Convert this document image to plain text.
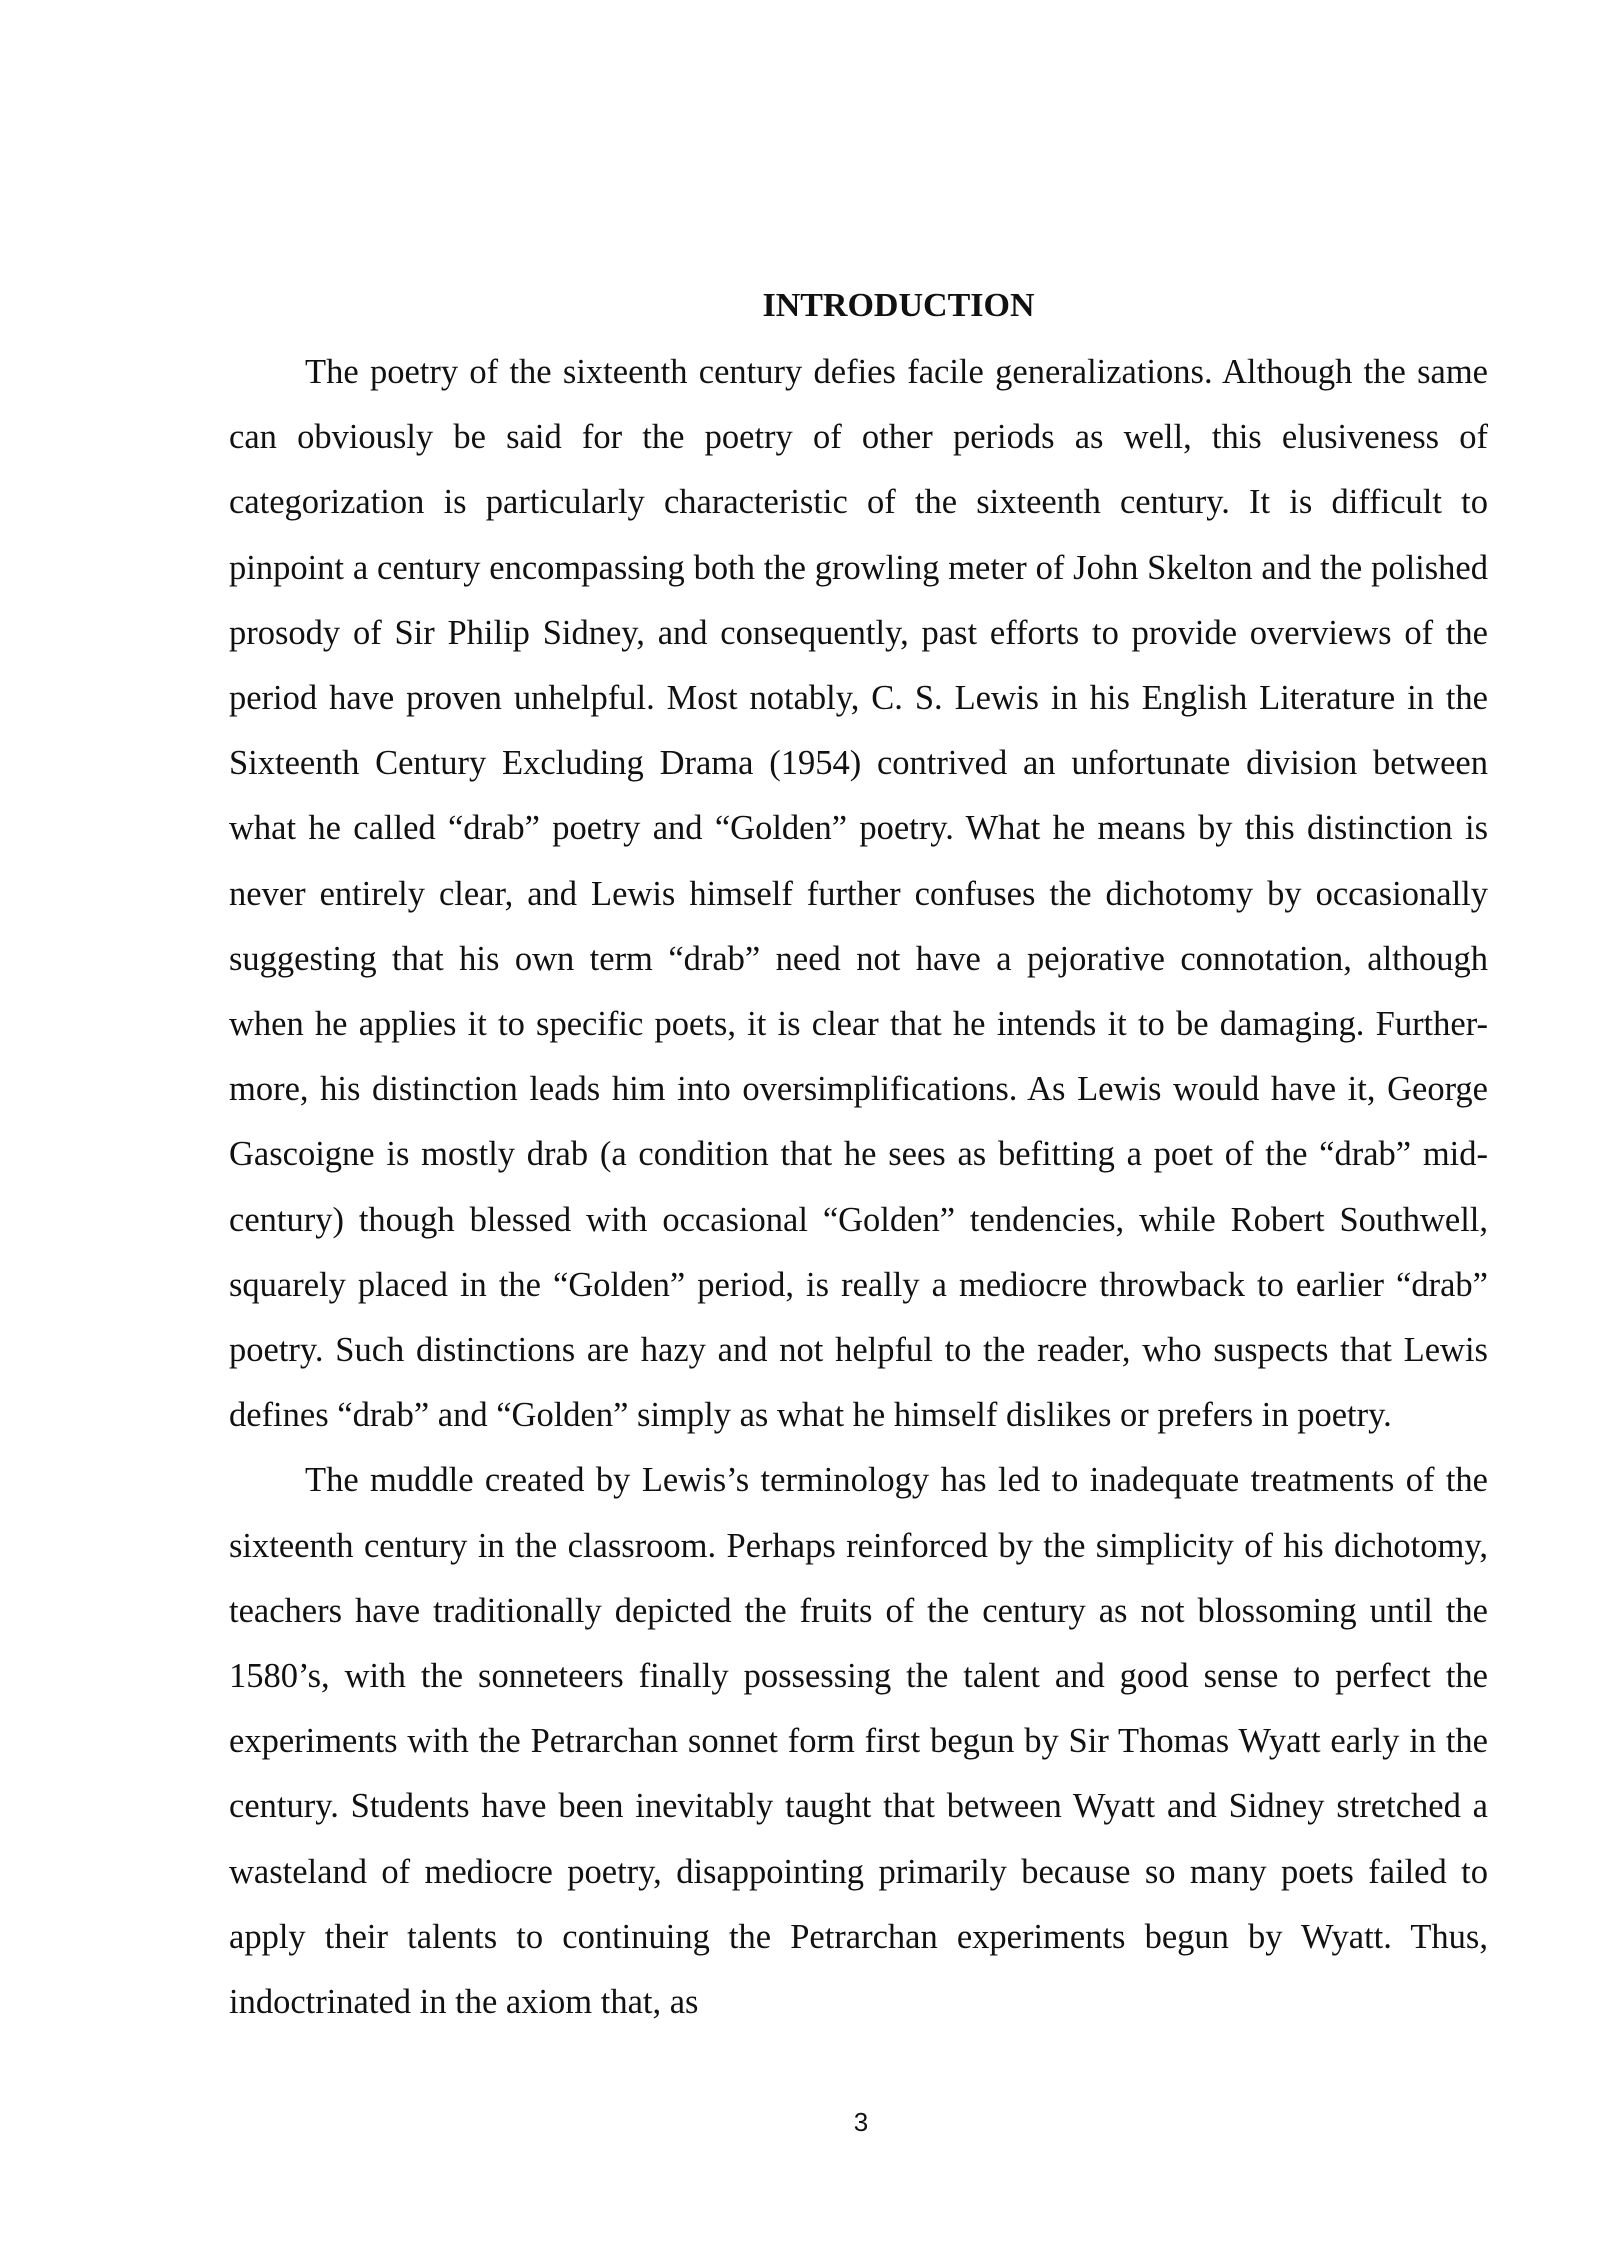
INTRODUCTION

The poetry of the sixteenth century defies facile generalizations. Although the same can obviously be said for the poetry of other periods as well, this elusiveness of categorization is particularly characteristic of the sixteenth century. It is difficult to pinpoint a century encompassing both the growling meter of John Skelton and the polished prosody of Sir Philip Sidney, and consequently, past efforts to provide overviews of the period have proven unhelpful. Most notably, C. S. Lewis in his English Literature in the Sixteenth Century Excluding Drama (1954) contrived an unfortunate division between what he called “drab” poetry and “Golden” poetry. What he means by this distinction is never entirely clear, and Lewis himself further confuses the dichotomy by occasionally suggesting that his own term “drab” need not have a pejorative connotation, although when he applies it to specific poets, it is clear that he intends it to be damaging. Further-more, his distinction leads him into oversimplifications. As Lewis would have it, George Gascoigne is mostly drab (a condition that he sees as befitting a poet of the “drab” mid-century) though blessed with occasional “Golden” tendencies, while Robert Southwell, squarely placed in the “Golden” period, is really a mediocre throwback to earlier “drab” poetry. Such distinctions are hazy and not helpful to the reader, who suspects that Lewis defines “drab” and “Golden” simply as what he himself dislikes or prefers in poetry.

The muddle created by Lewis’s terminology has led to inadequate treatments of the sixteenth century in the classroom. Perhaps reinforced by the simplicity of his dichotomy, teachers have traditionally depicted the fruits of the century as not blossoming until the 1580’s, with the sonneteers finally possessing the talent and good sense to perfect the experiments with the Petrarchan sonnet form first begun by Sir Thomas Wyatt early in the century. Students have been inevitably taught that between Wyatt and Sidney stretched a wasteland of mediocre poetry, disappointing primarily because so many poets failed to apply their talents to continuing the Petrarchan experiments begun by Wyatt. Thus, indoctrinated in the axiom that, as

3
